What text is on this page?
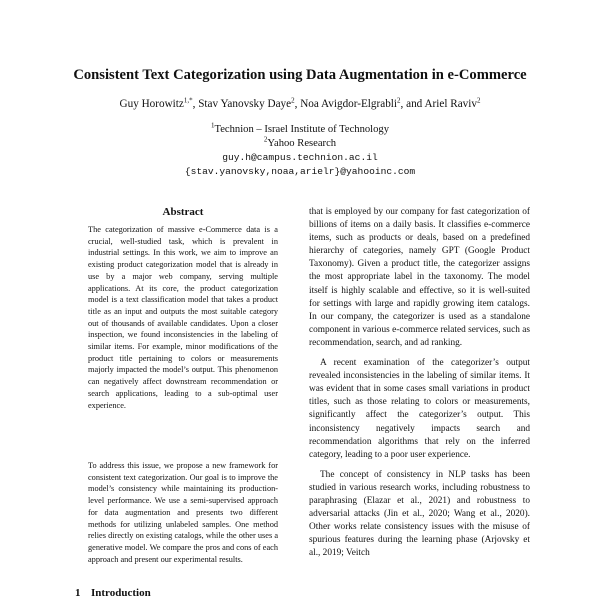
Consistent Text Categorization using Data Augmentation in e-Commerce
Guy Horowitz$^{1,*}$, Stav Yanovsky Daye$^2$, Noa Avigdor-Elgrabli$^2$, and Ariel Raviv$^2$
$^1$Technion – Israel Institute of Technology
$^2$Yahoo Research
guy.h@campus.technion.ac.il
{stav.yanovsky,noaa,arielr}@yahooinc.com
Abstract
The categorization of massive e-Commerce data is a crucial, well-studied task, which is prevalent in industrial settings. In this work, we aim to improve an existing product categorization model that is already in use by a major web company, serving multiple applications. At its core, the product categorization model is a text classification model that takes a product title as an input and outputs the most suitable category out of thousands of available candidates. Upon a closer inspection, we found inconsistencies in the labeling of similar items. For example, minor modifications of the product title pertaining to colors or measurements majorly impacted the model’s output. This phenomenon can negatively affect downstream recommendation or search applications, leading to a sub-optimal user experience.
To address this issue, we propose a new framework for consistent text categorization. Our goal is to improve the model’s consistency while maintaining its production-level performance. We use a semi-supervised approach for data augmentation and presents two different methods for utilizing unlabeled samples. One method relies directly on existing catalogs, while the other uses a generative model. We compare the pros and cons of each approach and present our experimental results.

that is employed by our company for fast categorization of billions of items on a daily basis. It classifies e-commerce items, such as products or deals, based on a predefined hierarchy of categories, namely GPT (Google Product Taxonomy). Given a product title, the categorizer assigns the most appropriate label in the taxonomy. The model itself is highly scalable and effective, so it is well-suited for settings with large and rapidly growing item catalogs. In our company, the categorizer is used as a standalone component in various e-commerce related services, such as recommendation, search, and ad ranking.

A recent examination of the categorizer’s output revealed inconsistencies in the labeling of similar items. It was evident that in some cases small variations in product titles, such as those relating to colors or measurements, significantly affect the categorizer’s output. This inconsistency negatively impacts search and recommendation algorithms that rely on the inferred category, leading to a poor user experience.

The concept of consistency in NLP tasks has been studied in various research works, including robustness to paraphrasing (Elazar et al., 2021) and robustness to adversarial attacks (Jin et al., 2020; Wang et al., 2020). Other works relate consistency issues with the misuse of spurious features during the learning phase (Arjovsky et al., 2019; Veitch

1 Introduction
